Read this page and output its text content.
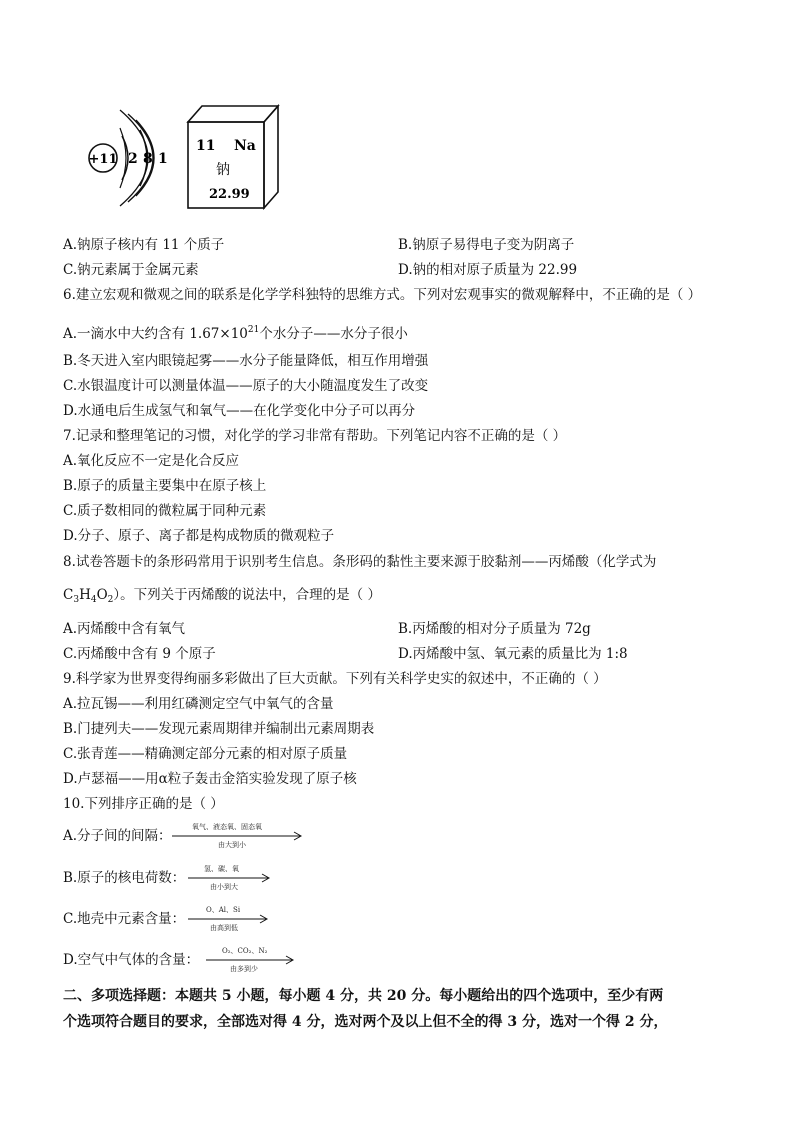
+11 2 8 1
11 Na
钠
22.99
A.钠原子核内有 11 个质子	B.钠原子易得电子变为阴离子
C.钠元素属于金属元素	D.钠的相对原子质量为 22.99
6.建立宏观和微观之间的联系是化学学科独特的思维方式。下列对宏观事实的微观解释中，不正确的是（ ）
A.一滴水中大约含有 $1.67\times 10^{21}$个水分子——水分子很小
B.冬天进入室内眼镜起雾——水分子能量降低，相互作用增强
C.水银温度计可以测量体温——原子的大小随温度发生了改变
D.水通电后生成氢气和氧气——在化学变化中分子可以再分
7.记录和整理笔记的习惯，对化学的学习非常有帮助。下列笔记内容不正确的是（ ）
A.氧化反应不一定是化合反应
B.原子的质量主要集中在原子核上
C.质子数相同的微粒属于同种元素
D.分子、原子、离子都是构成物质的微观粒子
8.试卷答题卡的条形码常用于识别考生信息。条形码的黏性主要来源于胶黏剂——丙烯酸（化学式为
$C_3H_4O_2$）。下列关于丙烯酸的说法中，合理的是（ ）
A.丙烯酸中含有氧气	B.丙烯酸的相对分子质量为 72g
C.丙烯酸中含有 9 个原子	D.丙烯酸中氢、氧元素的质量比为 1:8
9.科学家为世界变得绚丽多彩做出了巨大贡献。下列有关科学史实的叙述中，不正确的（ ）
A.拉瓦锡——利用红磷测定空气中氧气的含量
B.门捷列夫——发现元素周期律并编制出元素周期表
C.张青莲——精确测定部分元素的相对原子质量
D.卢瑟福——用α粒子轰击金箔实验发现了原子核
10.下列排序正确的是（ ）
A.分子间的间隔：
氧气、液态氧、固态氧
由大到小
B.原子的核电荷数：
氢、碳、氧
由小到大
C.地壳中元素含量：
O、Al、Si
由高到低
D.空气中气体的含量：
O₂、CO₂、N₂
由多到少
二、多项选择题：本题共 5 小题，每小题 4 分，共 20 分。每小题给出的四个选项中，至少有两
个选项符合题目的要求，全部选对得 4 分，选对两个及以上但不全的得 3 分，选对一个得 2 分，
